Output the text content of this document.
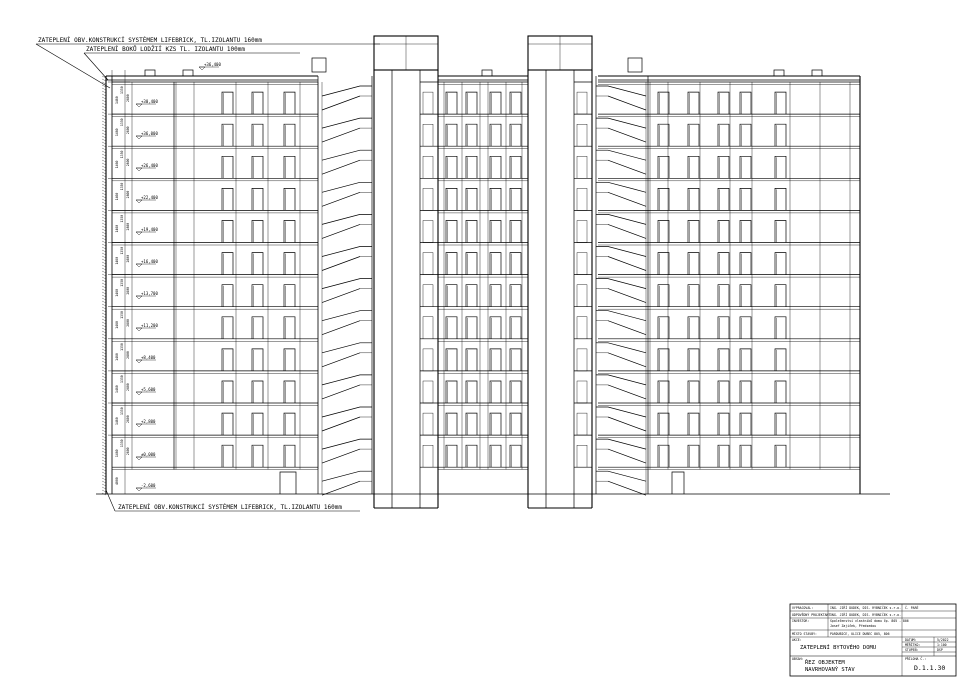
ZATEPLENÍ OBV.KONSTRUKCÍ SYSTÉMEM LIFEBRICK, TL.IZOLANTU 160mm
ZATEPLENÍ BOKŮ LODŽIÍ KZS TL. IZOLANTU 100mm
ZATEPLENÍ OBV.KONSTRUKCÍ SYSTÉMEM LIFEBRICK, TL.IZOLANTU 160mm
1460
1350
2800
1460
1350
2800
1460
1350
2800
1460
1350
2800
1460
1350
2800
1460
1350
2800
1460
1350
2800
1460
1350
2800
1460
1350
2800
1460
1350
2800
1460
1350
2800
1460
1350
2800
4000
+36,400
+30,400
+36,000
+26,400
+22,400
+19,400
+16,400
+13,700
+11,200
+8,400
+5,600
+2,800
±0,000
-2,600
VYPRACOVAL:	ING. JIŘÍ DUDEK, DIS. RYBNIČEK s.r.o. Č. PARÉ
ODPOVĚDNÝ PROJEKTANT:
ING. JIŘÍ DUDEK, DIS. RYBNIČEK s.r.o.
INVESTOR:	Společenství vlastníků domu čp. 805 - 806
Josef Zajíček, Předsedou
MÍSTO STAVBY:	PARDUBICE, ULICE DUBEC 805, 806
AKCE:
ZATEPLENÍ BYTOVÉHO DOMU
DATUM:	5/2022
MĚŘÍTKO:	1:100
STUPEŇ:	DSP
OBSAH:
ŘEZ OBJEKTEM
NAVRHOVANÝ STAV
PŘÍLOHA Č.:
D.1.1.30
